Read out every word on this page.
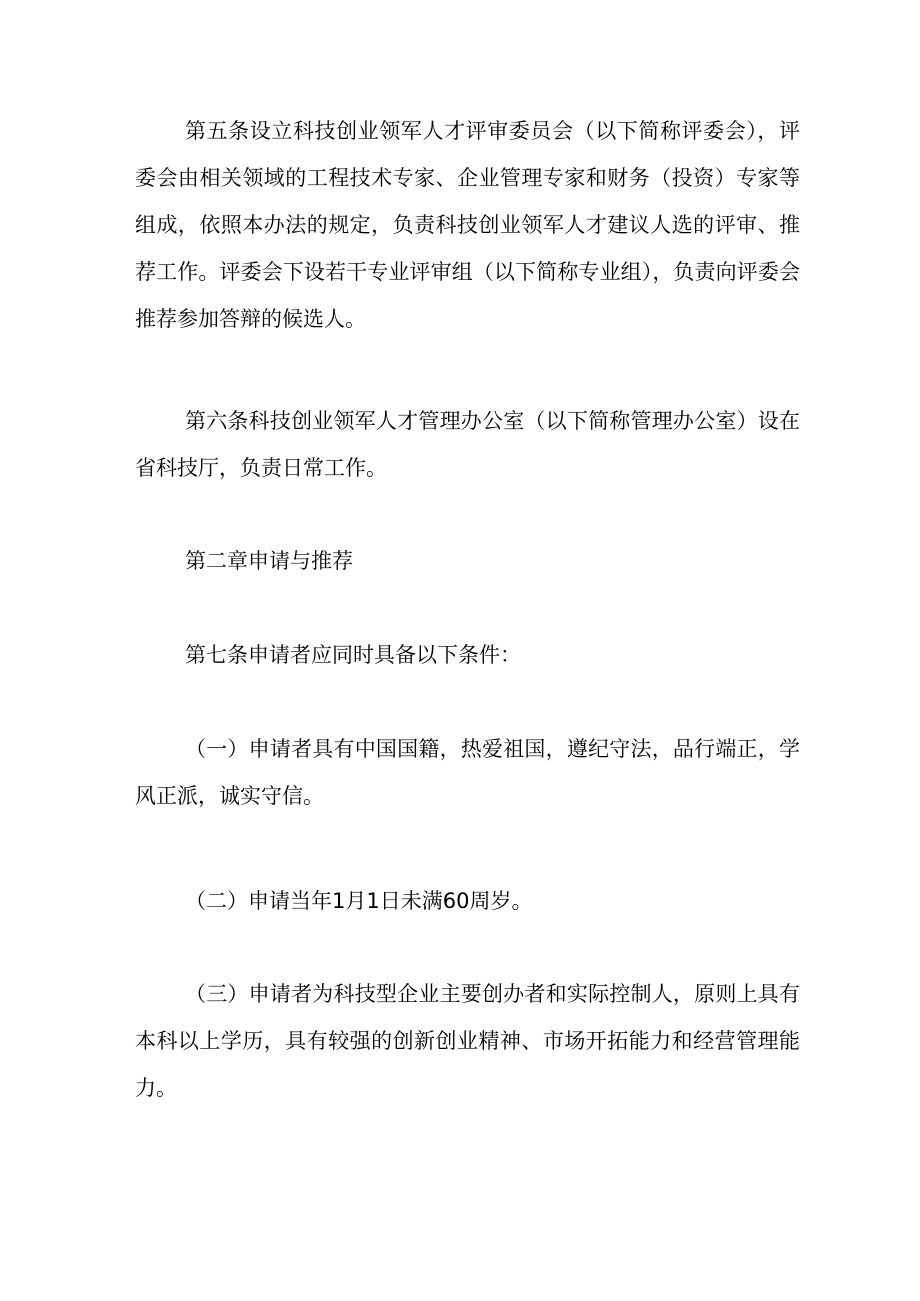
第五条设立科技创业领军人才评审委员会（以下简称评委会），评委会由相关领域的工程技术专家、企业管理专家和财务（投资）专家等组成，依照本办法的规定，负责科技创业领军人才建议人选的评审、推荐工作。评委会下设若干专业评审组（以下简称专业组），负责向评委会推荐参加答辩的候选人。

第六条科技创业领军人才管理办公室（以下简称管理办公室）设在省科技厅，负责日常工作。

第二章申请与推荐

第七条申请者应同时具备以下条件：

（一）申请者具有中国国籍，热爱祖国，遵纪守法，品行端正，学风正派，诚实守信。

（二）申请当年1月1日未满60周岁。

（三）申请者为科技型企业主要创办者和实际控制人，原则上具有本科以上学历，具有较强的创新创业精神、市场开拓能力和经营管理能力。
